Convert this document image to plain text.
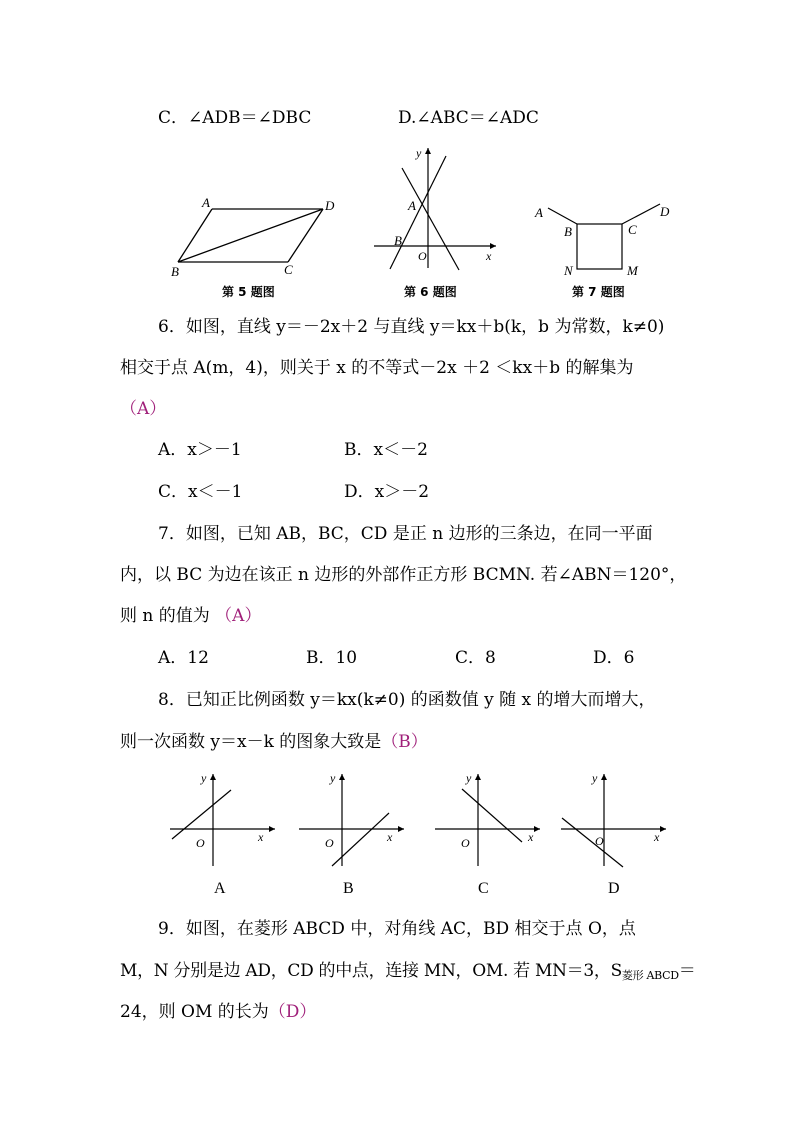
C．∠ADB＝∠DBC	D.∠ABC＝∠ADC
A	D
B	C
第 5 题图
y
A
B
O	x
第 6 题图
A
B	C
D
N	M
第 7 题图
6．如图，直线 y＝－2x＋2 与直线 y＝kx＋b(k，b 为常数，k≠0)
相交于点 A(m，4)，则关于 x 的不等式－2x ＋2 ＜kx＋b 的解集为
（A）
A．x＞－1	B．x＜－2
C．x＜－1	D．x＞－2
7．如图，已知 AB，BC，CD 是正 n 边形的三条边，在同一平面
内，以 BC 为边在该正 n 边形的外部作正方形 BCMN. 若∠ABN＝120°，
则 n 的值为 （A）
A．12	B．10	C．8	D．6
8．已知正比例函数 y＝kx(k≠0) 的函数值 y 随 x 的增大而增大，
则一次函数 y＝x－k 的图象大致是（B）
y
O	x
A
y
O	x
B
y
O	x
C
y
O	x
D
9．如图，在菱形 ABCD 中，对角线 AC，BD 相交于点 O，点
M，N 分别是边 AD，CD 的中点，连接 MN，OM. 若 MN＝3，$S_{菱形 ABCD}=$
24，则 OM 的长为（D）
